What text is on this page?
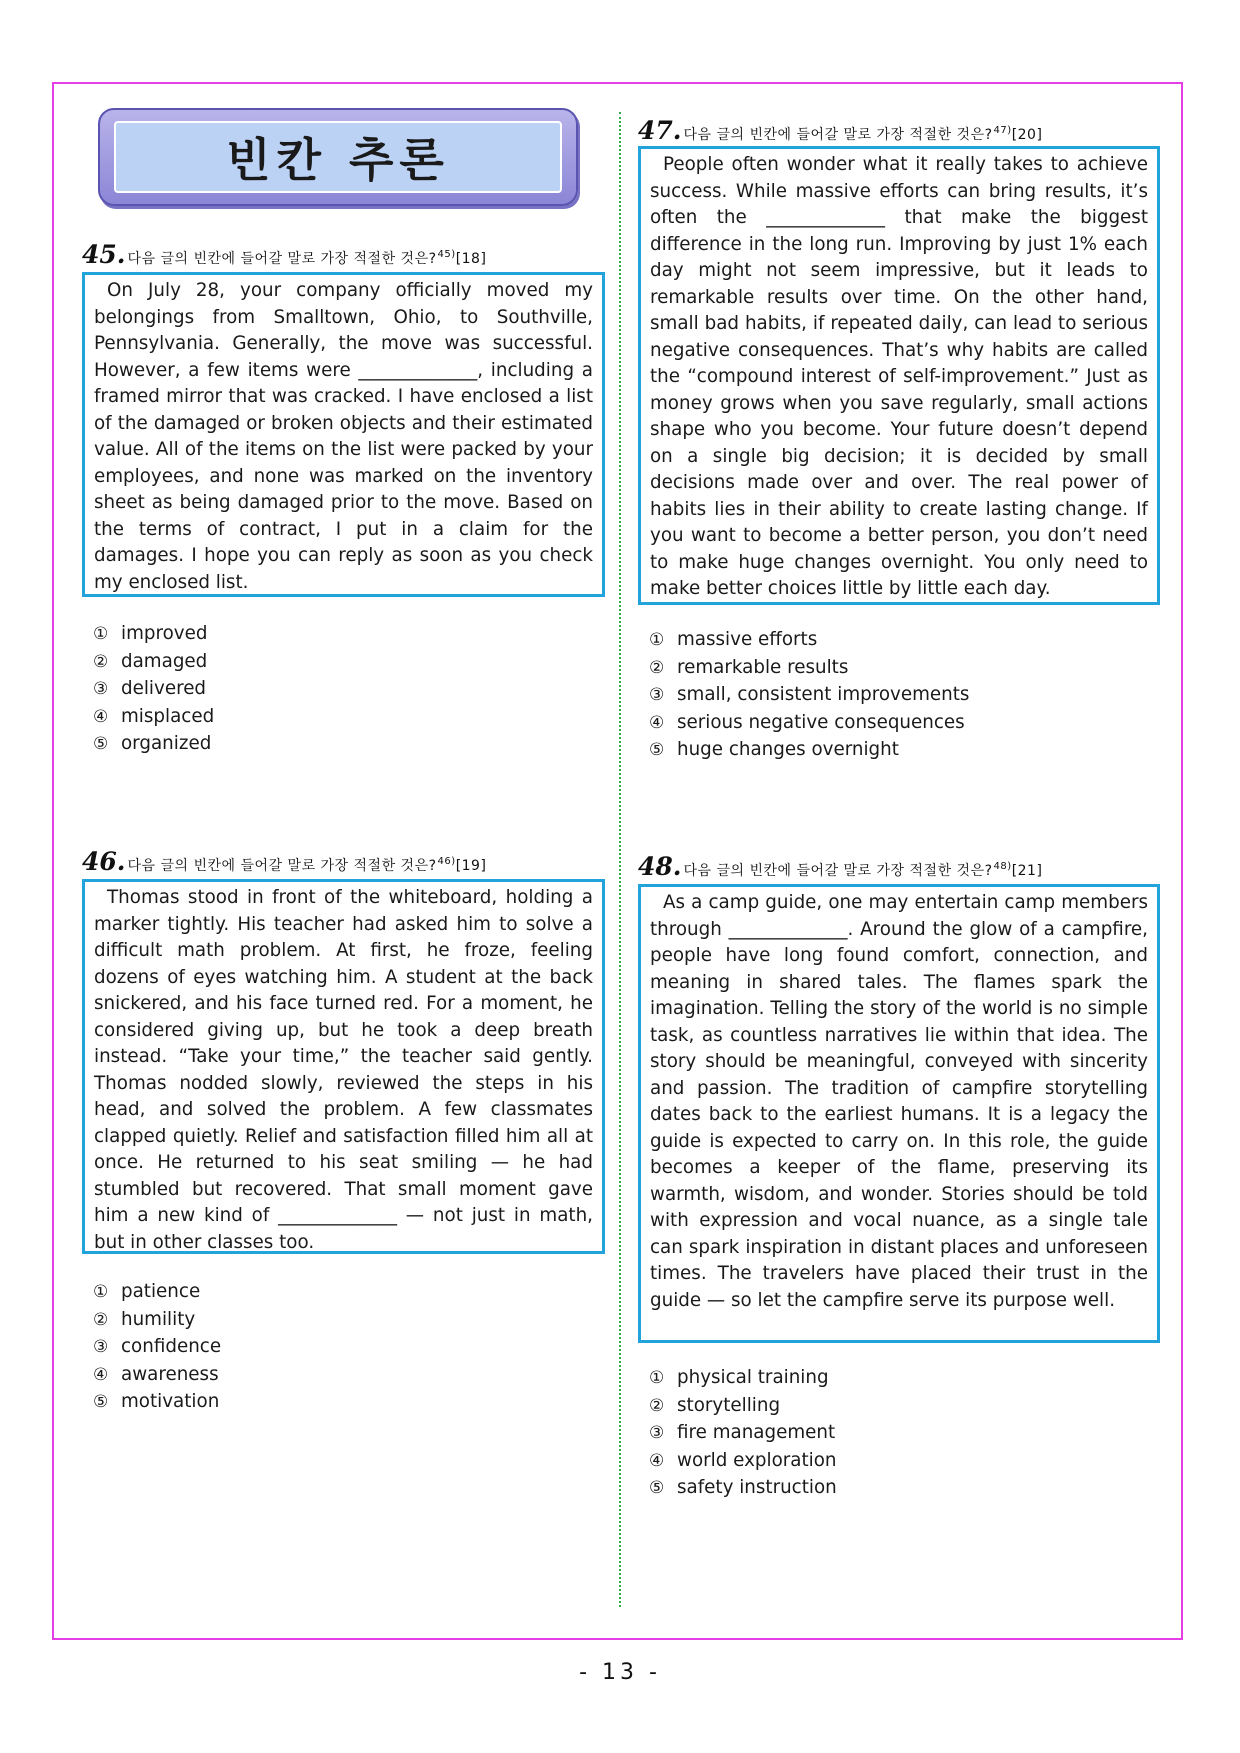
빈칸 추론
45. 다음 글의 빈칸에 들어갈 말로 가장 적절한 것은?$^{45)}$[18]

On July 28, your company officially moved my belongings from Smalltown, Ohio, to Southville, Pennsylvania. Generally, the move was successful. However, a few items were _____________, including a framed mirror that was cracked. I have enclosed a list of the damaged or broken objects and their estimated value. All of the items on the list were packed by your employees, and none was marked on the inventory sheet as being damaged prior to the move. Based on the terms of contract, I put in a claim for the damages. I hope you can reply as soon as you check my enclosed list.

① improved
② damaged
③ delivered
④ misplaced
⑤ organized
46. 다음 글의 빈칸에 들어갈 말로 가장 적절한 것은?$^{46)}$[19]

Thomas stood in front of the whiteboard, holding a marker tightly. His teacher had asked him to solve a difficult math problem. At first, he froze, feeling dozens of eyes watching him. A student at the back snickered, and his face turned red. For a moment, he considered giving up, but he took a deep breath instead. “Take your time,” the teacher said gently. Thomas nodded slowly, reviewed the steps in his head, and solved the problem. A few classmates clapped quietly. Relief and satisfaction filled him all at once. He returned to his seat smiling — he had stumbled but recovered. That small moment gave him a new kind of _____________ — not just in math, but in other classes too.

① patience
② humility
③ confidence
④ awareness
⑤ motivation
47. 다음 글의 빈칸에 들어갈 말로 가장 적절한 것은?$^{47)}$[20]

People often wonder what it really takes to achieve success. While massive efforts can bring results, it’s often the _____________ that make the biggest difference in the long run. Improving by just 1% each day might not seem impressive, but it leads to remarkable results over time. On the other hand, small bad habits, if repeated daily, can lead to serious negative consequences. That’s why habits are called the “compound interest of self-improvement.” Just as money grows when you save regularly, small actions shape who you become. Your future doesn’t depend on a single big decision; it is decided by small decisions made over and over. The real power of habits lies in their ability to create lasting change. If you want to become a better person, you don’t need to make huge changes overnight. You only need to make better choices little by little each day.

① massive efforts
② remarkable results
③ small, consistent improvements
④ serious negative consequences
⑤ huge changes overnight
48. 다음 글의 빈칸에 들어갈 말로 가장 적절한 것은?$^{48)}$[21]

As a camp guide, one may entertain camp members through _____________. Around the glow of a campfire, people have long found comfort, connection, and meaning in shared tales. The flames spark the imagination. Telling the story of the world is no simple task, as countless narratives lie within that idea. The story should be meaningful, conveyed with sincerity and passion. The tradition of campfire storytelling dates back to the earliest humans. It is a legacy the guide is expected to carry on. In this role, the guide becomes a keeper of the flame, preserving its warmth, wisdom, and wonder. Stories should be told with expression and vocal nuance, as a single tale can spark inspiration in distant places and unforeseen times. The travelers have placed their trust in the guide — so let the campfire serve its purpose well.

① physical training
② storytelling
③ fire management
④ world exploration
⑤ safety instruction
- 13 -
